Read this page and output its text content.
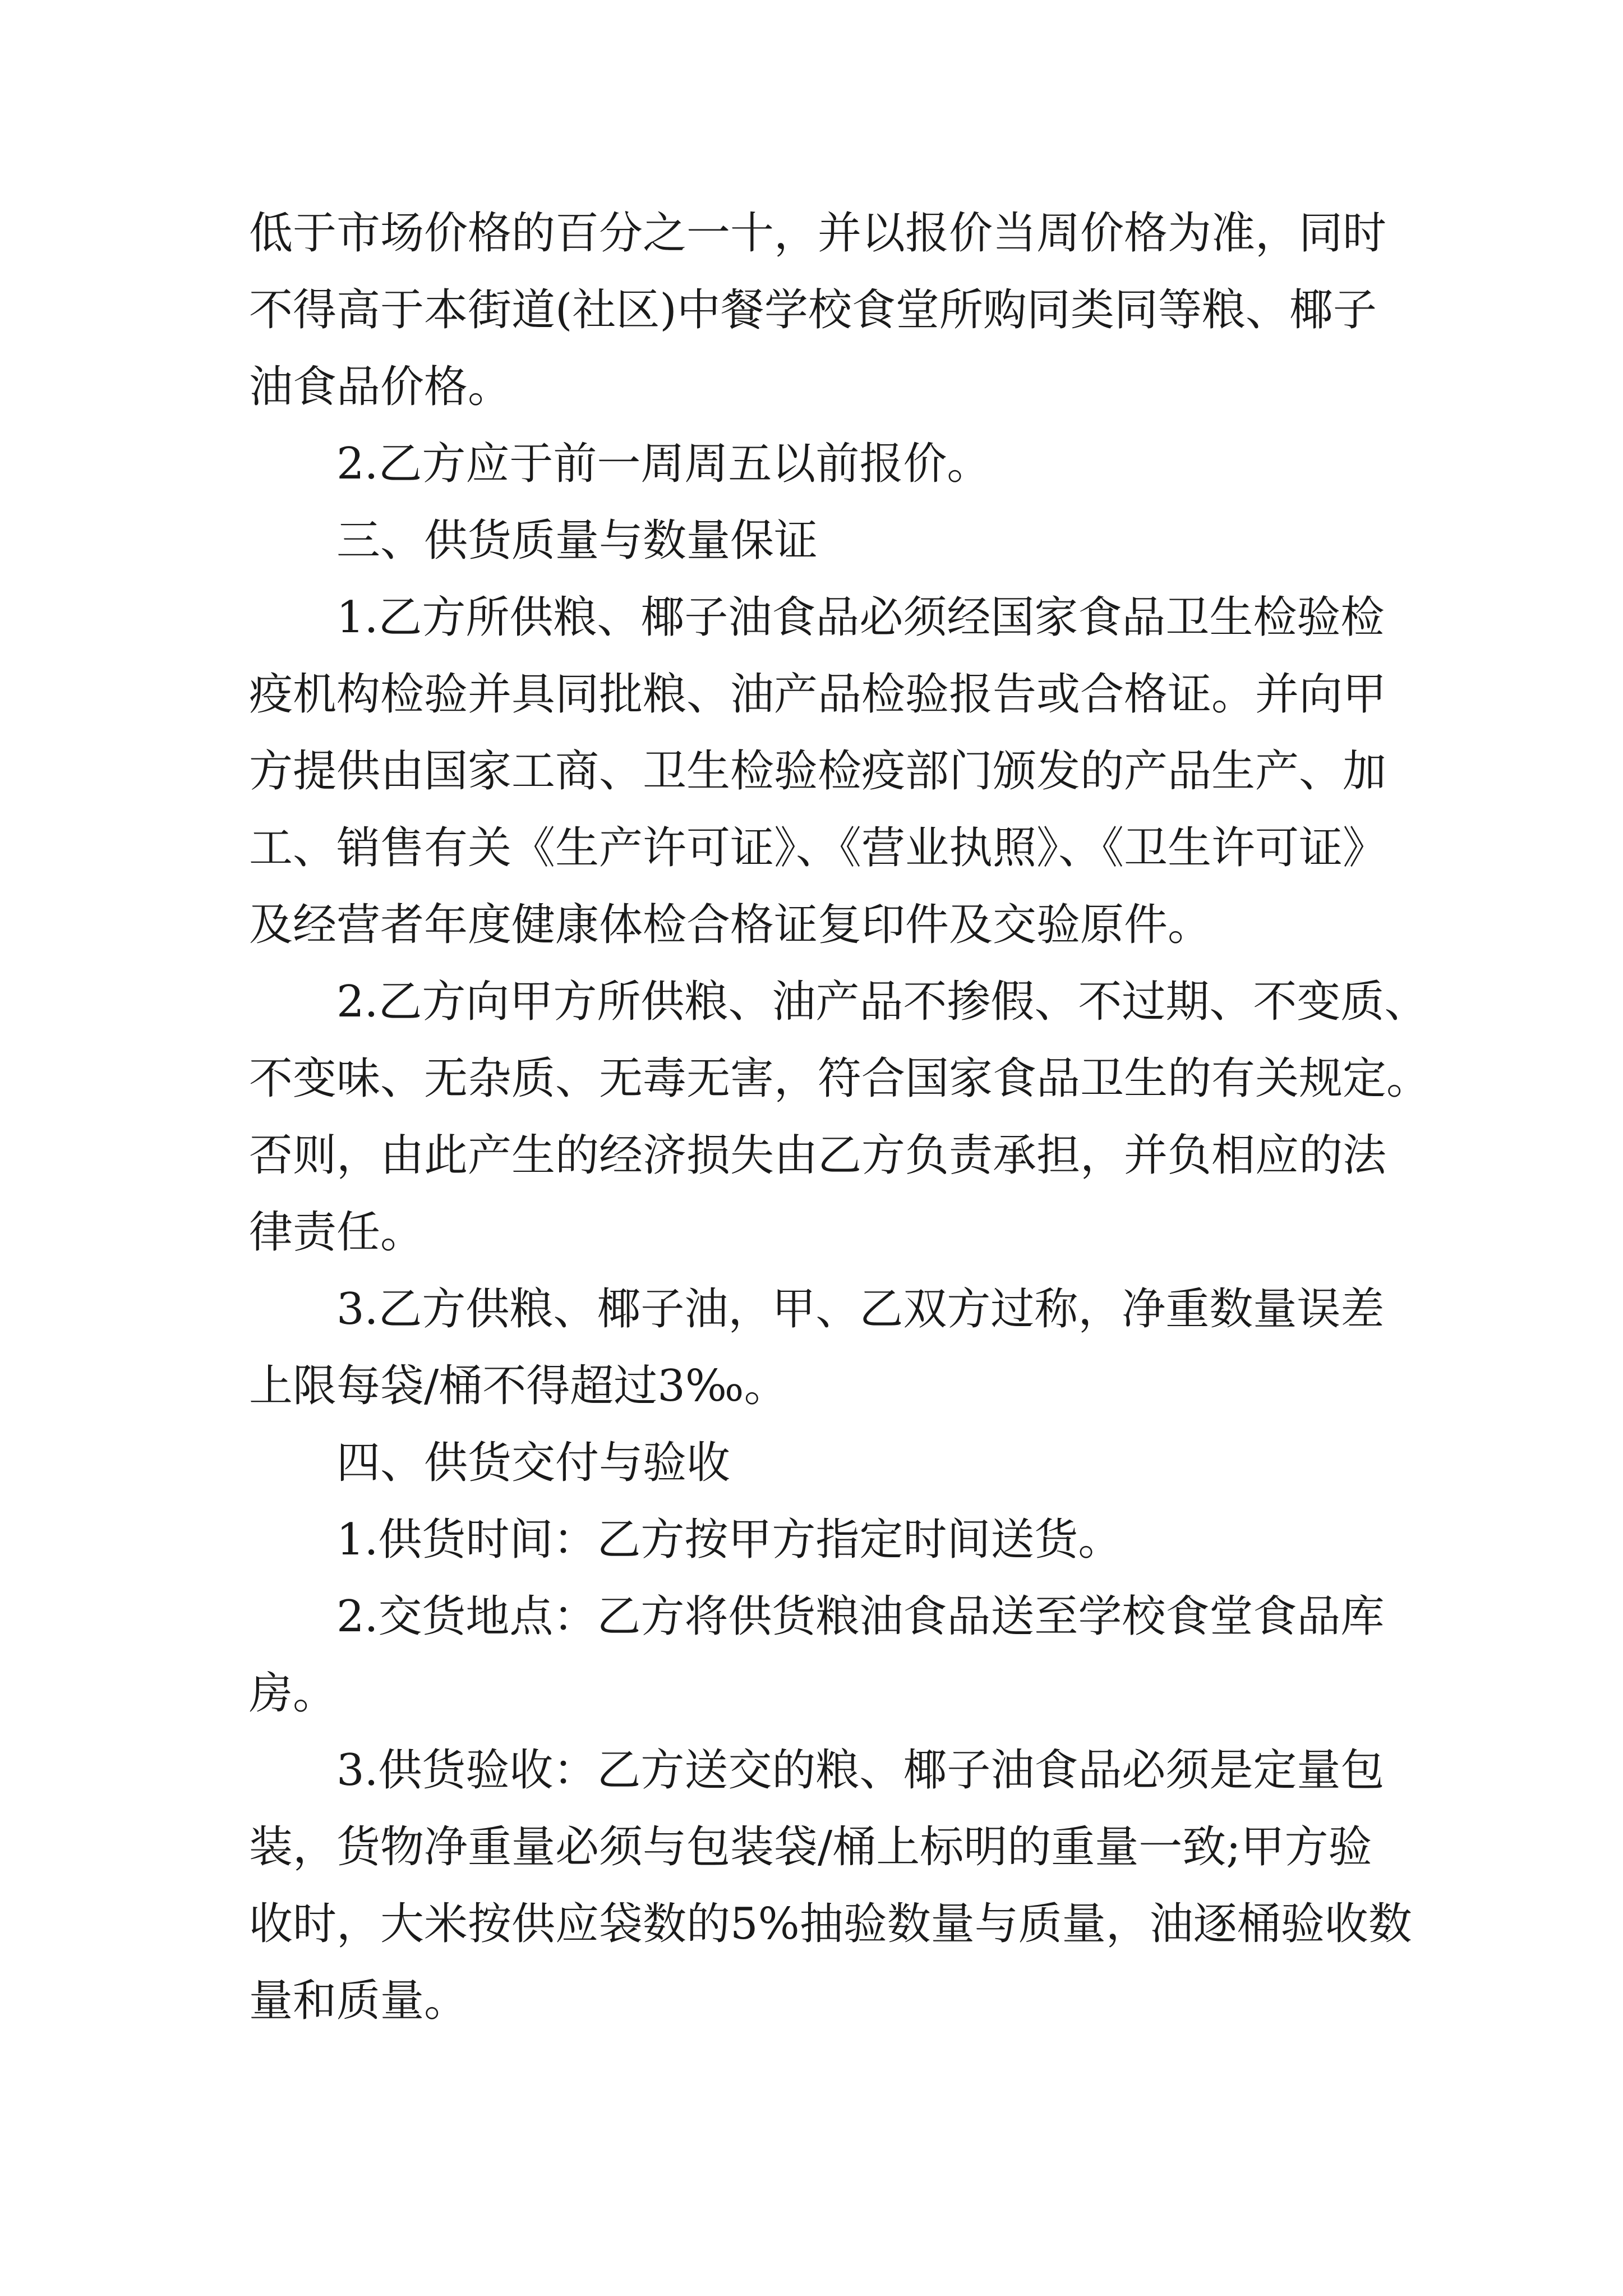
低于市场价格的百分之一十，并以报价当周价格为准，同时
不得高于本街道(社区)中餐学校食堂所购同类同等粮、椰子
油食品价格。
2.乙方应于前一周周五以前报价。
三、供货质量与数量保证
1.乙方所供粮、椰子油食品必须经国家食品卫生检验检
疫机构检验并具同批粮、油产品检验报告或合格证。并向甲
方提供由国家工商、卫生检验检疫部门颁发的产品生产、加
工、销售有关《生产许可证》、《营业执照》、《卫生许可证》
及经营者年度健康体检合格证复印件及交验原件。
2.乙方向甲方所供粮、油产品不掺假、不过期、不变质、
不变味、无杂质、无毒无害，符合国家食品卫生的有关规定。
否则，由此产生的经济损失由乙方负责承担，并负相应的法
律责任。
3.乙方供粮、椰子油，甲、乙双方过称，净重数量误差
上限每袋/桶不得超过3‰。
四、供货交付与验收
1.供货时间：乙方按甲方指定时间送货。
2.交货地点：乙方将供货粮油食品送至学校食堂食品库
房。
3.供货验收：乙方送交的粮、椰子油食品必须是定量包
装，货物净重量必须与包装袋/桶上标明的重量一致;甲方验
收时，大米按供应袋数的5%抽验数量与质量，油逐桶验收数
量和质量。
